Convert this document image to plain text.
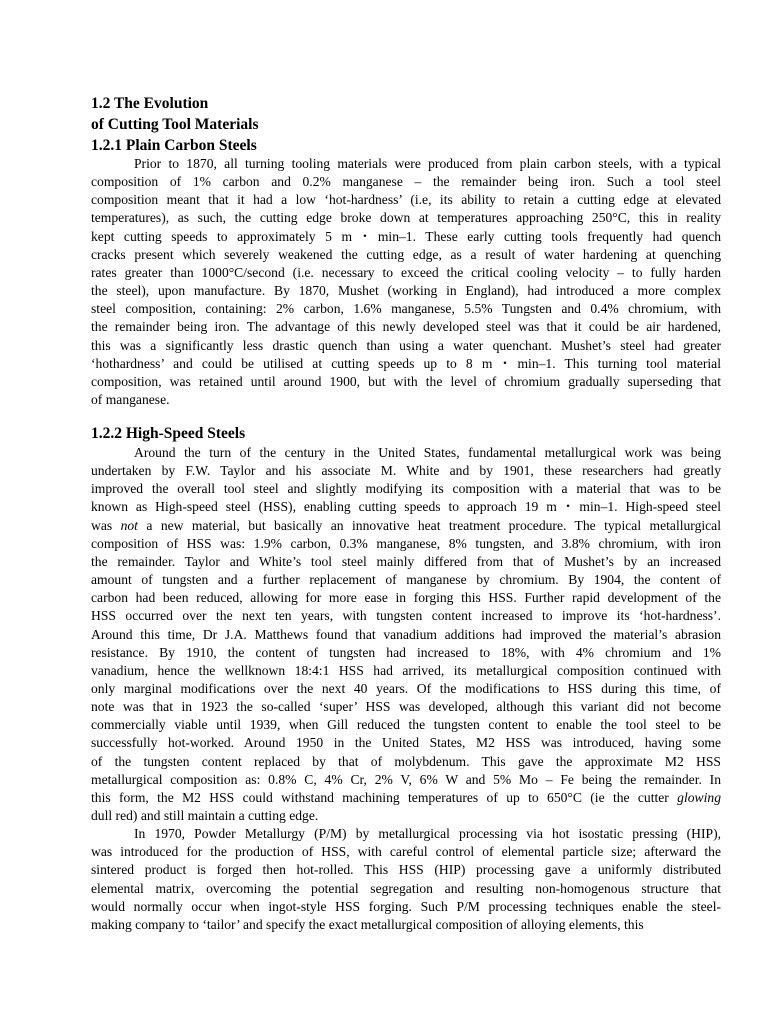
1.2 The Evolution
of Cutting Tool Materials
1.2.1 Plain Carbon Steels
Prior to 1870, all turning tooling materials were produced from plain carbon steels, with a typical
composition of 1% carbon and 0.2% manganese – the remainder being iron. Such a tool steel
composition meant that it had a low ‘hot-hardness’ (i.e, its ability to retain a cutting edge at elevated
temperatures), as such, the cutting edge broke down at temperatures approaching 250°C, this in reality
kept cutting speeds to approximately 5 m・min–1. These early cutting tools frequently had quench
cracks present which severely weakened the cutting edge, as a result of water hardening at quenching
rates greater than 1000°C/second (i.e. necessary to exceed the critical cooling velocity – to fully harden
the steel), upon manufacture. By 1870, Mushet (working in England), had introduced a more complex
steel composition, containing: 2% carbon, 1.6% manganese, 5.5% Tungsten and 0.4% chromium, with
the remainder being iron. The advantage of this newly developed steel was that it could be air hardened,
this was a significantly less drastic quench than using a water quenchant. Mushet’s steel had greater
‘hothardness’ and could be utilised at cutting speeds up to 8 m・min–1. This turning tool material
composition, was retained until around 1900, but with the level of chromium gradually superseding that
of manganese.
1.2.2 High-Speed Steels
Around the turn of the century in the United States, fundamental metallurgical work was being
undertaken by F.W. Taylor and his associate M. White and by 1901, these researchers had greatly
improved the overall tool steel and slightly modifying its composition with a material that was to be
known as High-speed steel (HSS), enabling cutting speeds to approach 19 m・min–1. High-speed steel
was not a new material, but basically an innovative heat treatment procedure. The typical metallurgical
composition of HSS was: 1.9% carbon, 0.3% manganese, 8% tungsten, and 3.8% chromium, with iron
the remainder. Taylor and White’s tool steel mainly differed from that of Mushet’s by an increased
amount of tungsten and a further replacement of manganese by chromium. By 1904, the content of
carbon had been reduced, allowing for more ease in forging this HSS. Further rapid development of the
HSS occurred over the next ten years, with tungsten content increased to improve its ‘hot-hardness’.
Around this time, Dr J.A. Matthews found that vanadium additions had improved the material’s abrasion
resistance. By 1910, the content of tungsten had increased to 18%, with 4% chromium and 1%
vanadium, hence the wellknown 18:4:1 HSS had arrived, its metallurgical composition continued with
only marginal modifications over the next 40 years. Of the modifications to HSS during this time, of
note was that in 1923 the so-called ‘super’ HSS was developed, although this variant did not become
commercially viable until 1939, when Gill reduced the tungsten content to enable the tool steel to be
successfully hot-worked. Around 1950 in the United States, M2 HSS was introduced, having some
of the tungsten content replaced by that of molybdenum. This gave the approximate M2 HSS
metallurgical composition as: 0.8% C, 4% Cr, 2% V, 6% W and 5% Mo – Fe being the remainder. In
this form, the M2 HSS could withstand machining temperatures of up to 650°C (ie the cutter glowing
dull red) and still maintain a cutting edge.
In 1970, Powder Metallurgy (P/M) by metallurgical processing via hot isostatic pressing (HIP),
was introduced for the production of HSS, with careful control of elemental particle size; afterward the
sintered product is forged then hot-rolled. This HSS (HIP) processing gave a uniformly distributed
elemental matrix, overcoming the potential segregation and resulting non-homogenous structure that
would normally occur when ingot-style HSS forging. Such P/M processing techniques enable the steel-
making company to ‘tailor’ and specify the exact metallurgical composition of alloying elements, this
